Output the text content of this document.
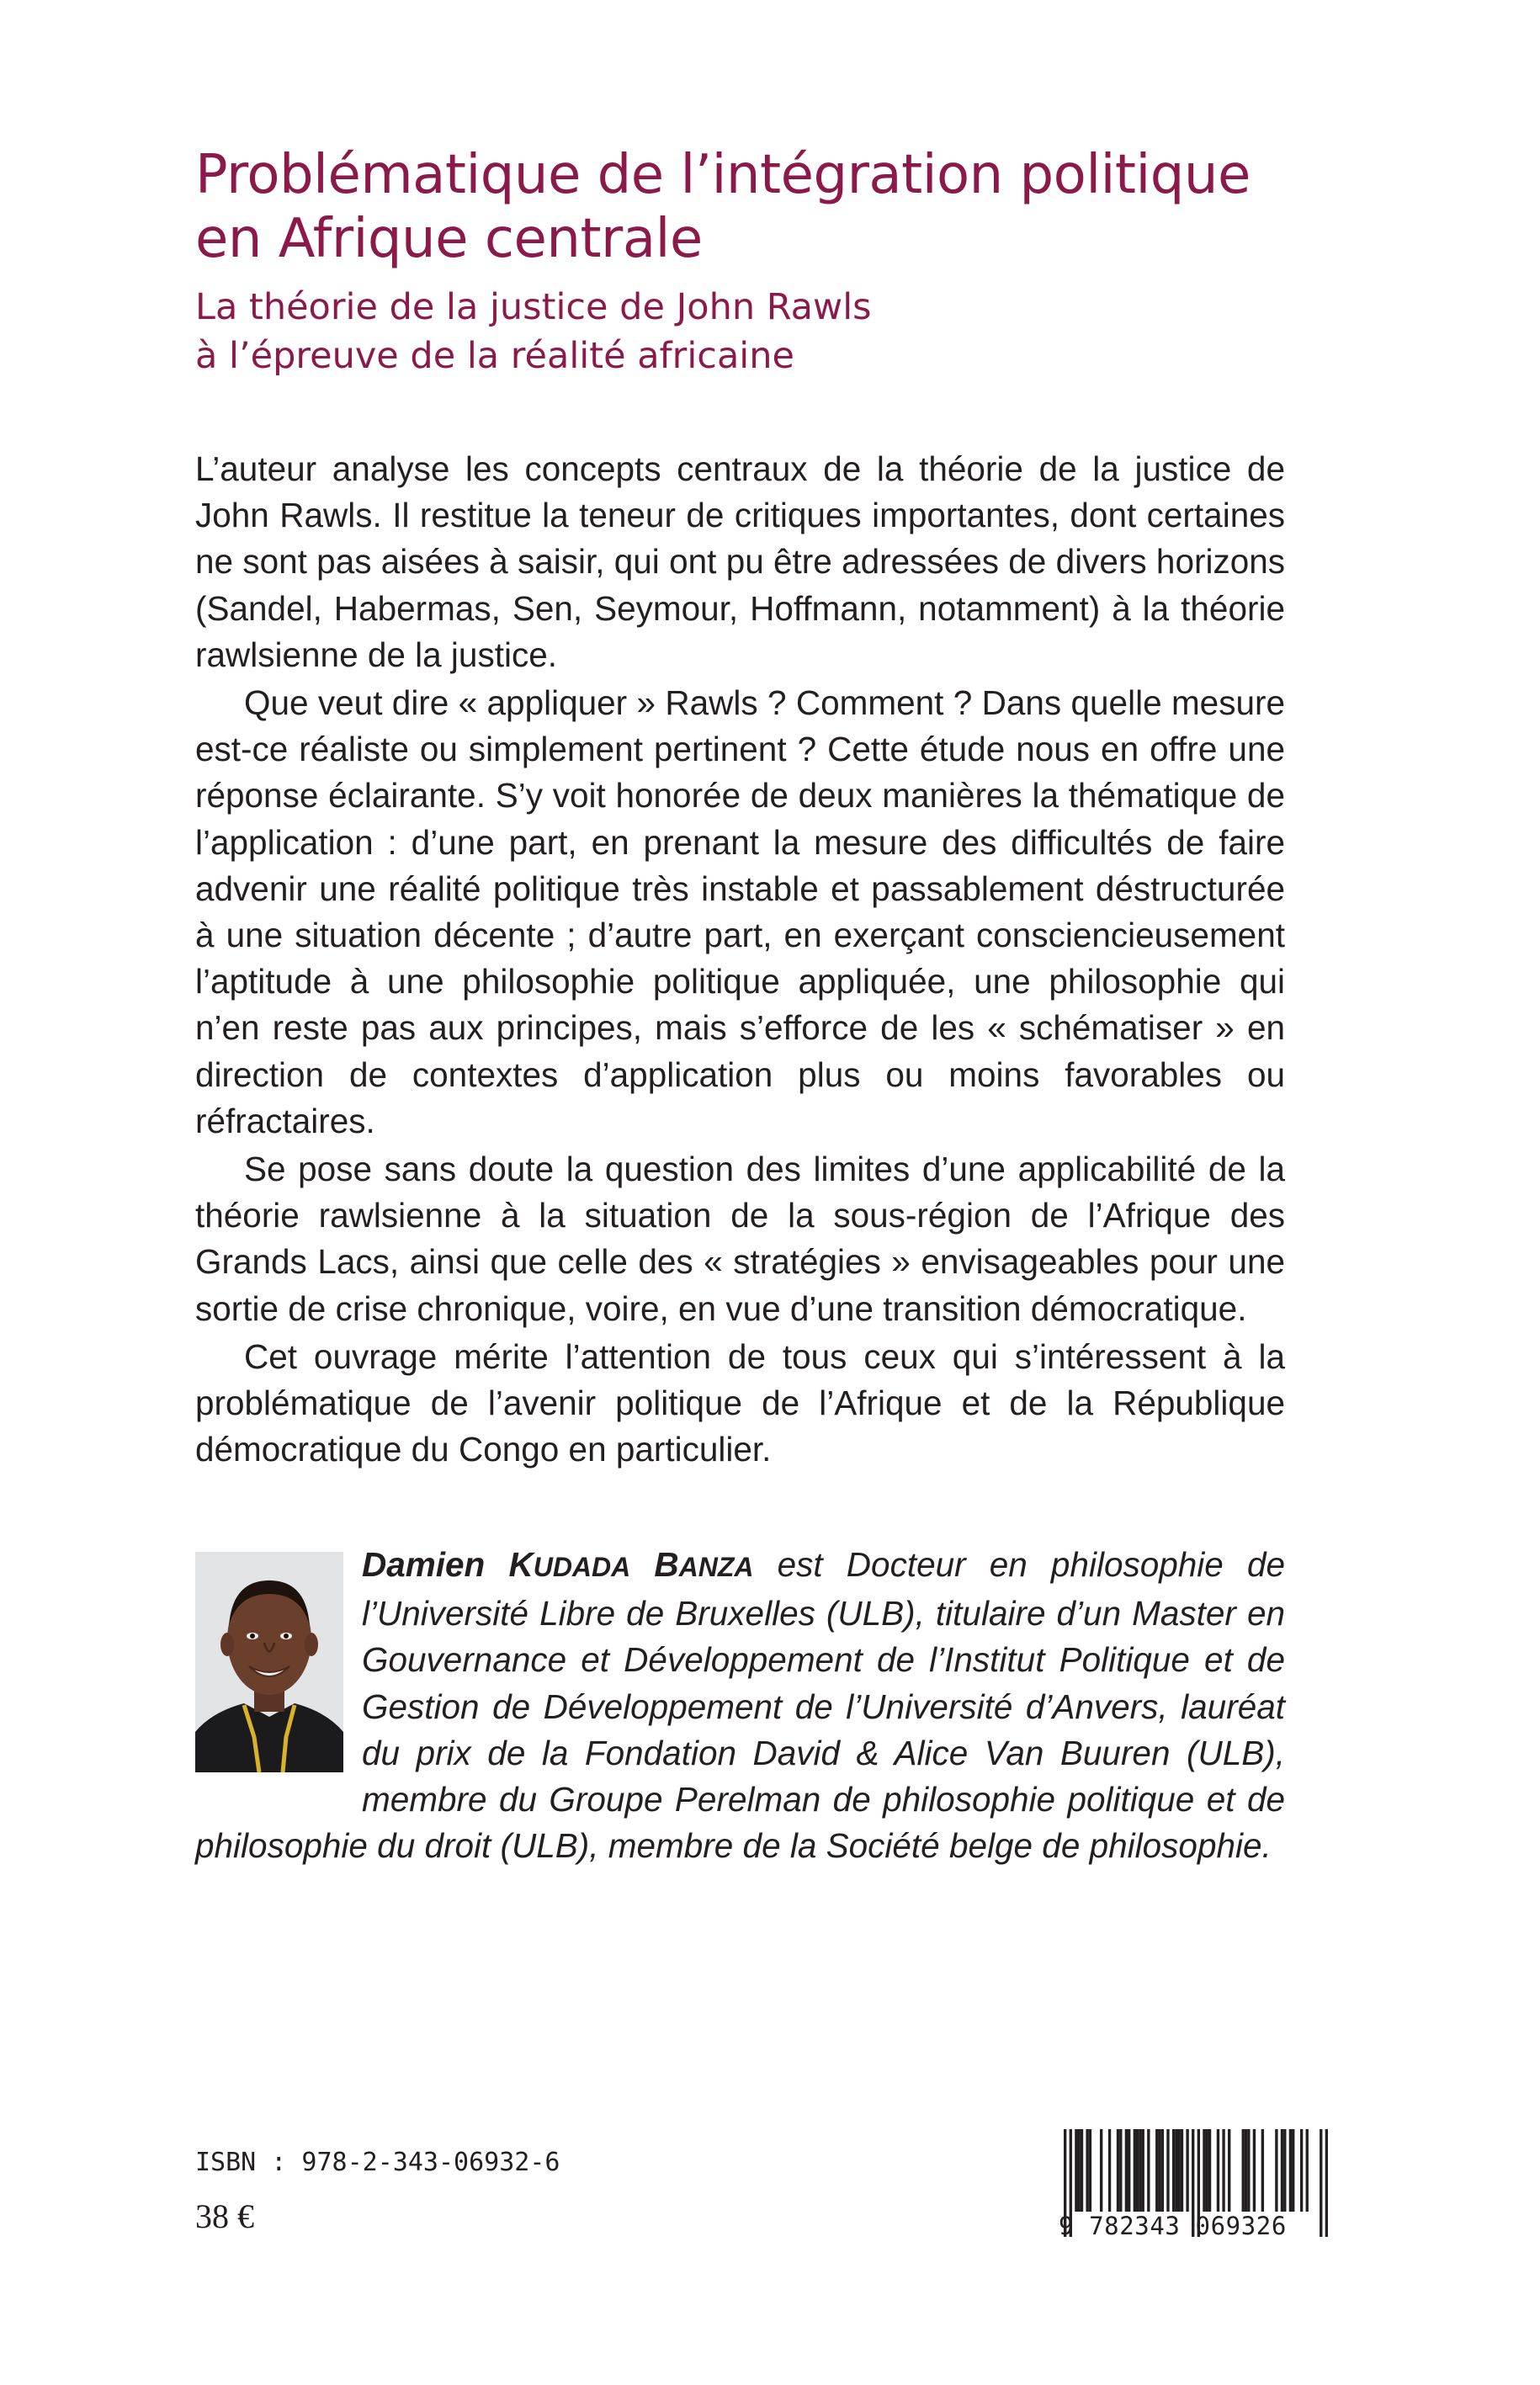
Problématique de l’intégration politique
en Afrique centrale
La théorie de la justice de John Rawls
à l’épreuve de la réalité africaine

L’auteur analyse les concepts centraux de la théorie de la justice de John Rawls. Il restitue la teneur de critiques importantes, dont certaines ne sont pas aisées à saisir, qui ont pu être adressées de divers horizons (Sandel, Habermas, Sen, Seymour, Hoffmann, notamment) à la théorie rawlsienne de la justice.

Que veut dire « appliquer » Rawls ? Comment ? Dans quelle mesure est-ce réaliste ou simplement pertinent ? Cette étude nous en offre une réponse éclairante. S’y voit honorée de deux manières la thématique de l’application : d’une part, en prenant la mesure des difficultés de faire advenir une réalité politique très instable et passablement déstructurée à une situation décente ; d’autre part, en exerçant consciencieusement l’aptitude à une philosophie politique appliquée, une philosophie qui n’en reste pas aux principes, mais s’efforce de les « schématiser » en direction de contextes d’application plus ou moins favorables ou réfractaires.

Se pose sans doute la question des limites d’une applicabilité de la théorie rawlsienne à la situation de la sous-région de l’Afrique des Grands Lacs, ainsi que celle des « stratégies » envisageables pour une sortie de crise chronique, voire, en vue d’une transition démocratique.

Cet ouvrage mérite l’attention de tous ceux qui s’intéressent à la problématique de l’avenir politique de l’Afrique et de la République démocratique du Congo en particulier.

Damien KUDADA BANZA est Docteur en philosophie de l’Université Libre de Bruxelles (ULB), titulaire d’un Master en Gouvernance et Développement de l’Institut Politique et de Gestion de Développement de l’Université d’Anvers, lauréat du prix de la Fondation David & Alice Van Buuren (ULB), membre du Groupe Perelman de philosophie politique et de philosophie du droit (ULB), membre de la Société belge de philosophie.
ISBN : 978-2-343-06932-6
38 €	9 782343 069326
